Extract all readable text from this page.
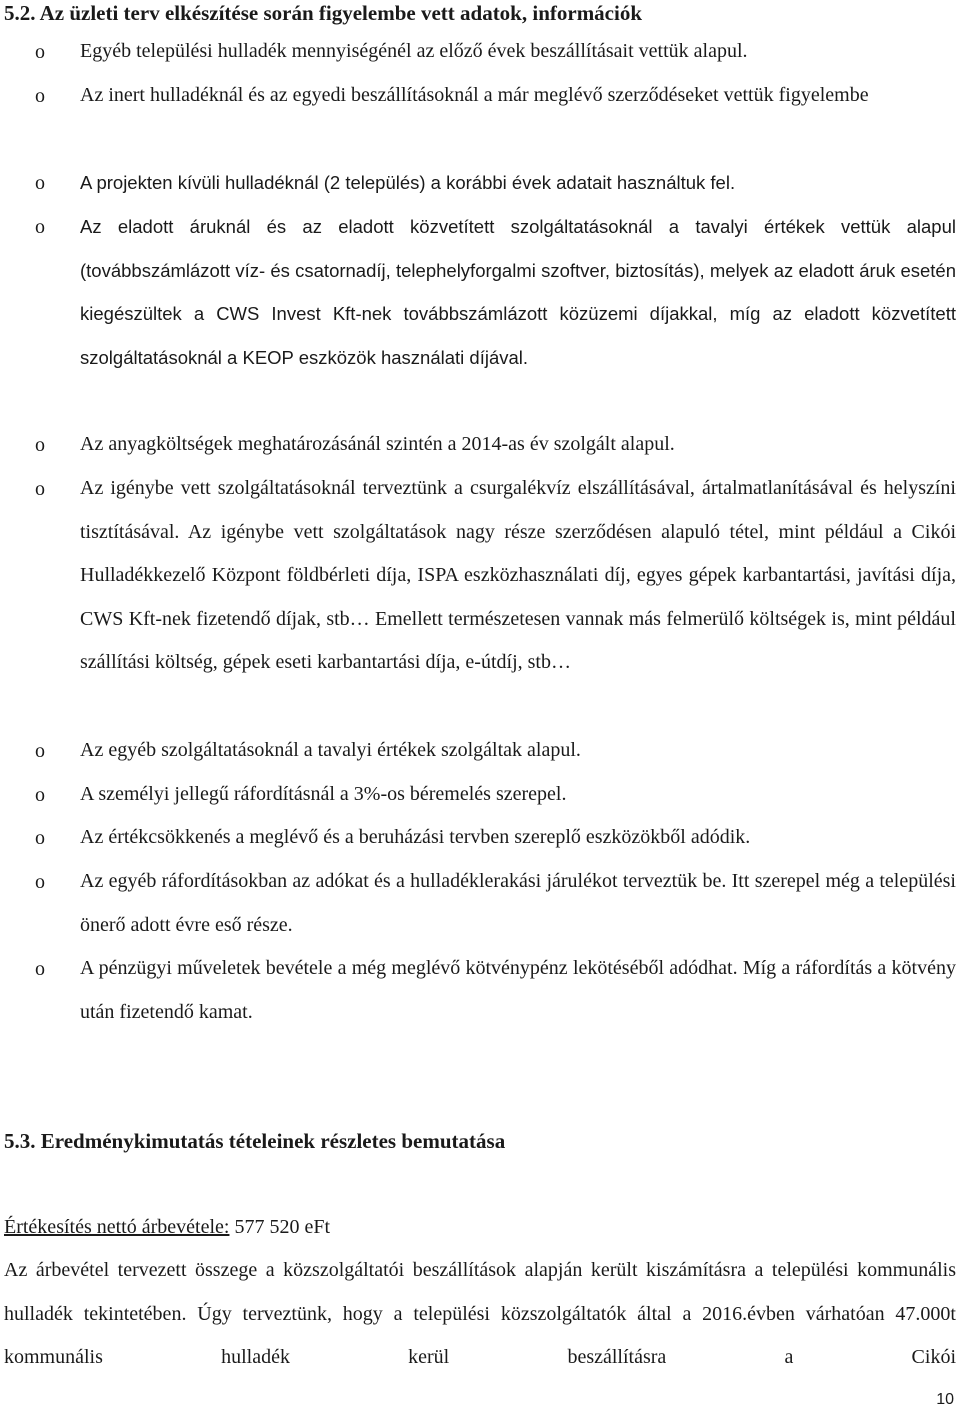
5.2. Az üzleti terv elkészítése során figyelembe vett adatok, információk
o Egyéb települési hulladék mennyiségénél az előző évek beszállításait vettük alapul.
o Az inert hulladéknál és az egyedi beszállításoknál a már meglévő szerződéseket vettük figyelembe
o A projekten kívüli hulladéknál (2 település) a korábbi évek adatait használtuk fel.
o Az eladott áruknál és az eladott közvetített szolgáltatásoknál a tavalyi értékek vettük alapul (továbbszámlázott víz- és csatornadíj, telephelyforgalmi szoftver, biztosítás), melyek az eladott áruk esetén kiegészültek a CWS Invest Kft-nek továbbszámlázott közüzemi díjakkal, míg az eladott közvetített szolgáltatásoknál a KEOP eszközök használati díjával.
o Az anyagköltségek meghatározásánál szintén a 2014-as év szolgált alapul.
o Az igénybe vett szolgáltatásoknál terveztünk a csurgalékvíz elszállításával, ártalmatlanításával és helyszíni tisztításával. Az igénybe vett szolgáltatások nagy része szerződésen alapuló tétel, mint például a Cikói Hulladékkezelő Központ földbérleti díja, ISPA eszközhasználati díj, egyes gépek karbantartási, javítási díja, CWS Kft-nek fizetendő díjak, stb… Emellett természetesen vannak más felmerülő költségek is, mint például szállítási költség, gépek eseti karbantartási díja, e-útdíj, stb…
o Az egyéb szolgáltatásoknál a tavalyi értékek szolgáltak alapul.
o A személyi jellegű ráfordításnál a 3%-os béremelés szerepel.
o Az értékcsökkenés a meglévő és a beruházási tervben szereplő eszközökből adódik.
o Az egyéb ráfordításokban az adókat és a hulladéklerakási járulékot terveztük be. Itt szerepel még a települési önerő adott évre eső része.
o A pénzügyi műveletek bevétele a még meglévő kötvénypénz lekötéséből adódhat. Míg a ráfordítás a kötvény után fizetendő kamat.
5.3. Eredménykimutatás tételeinek részletes bemutatása
Értékesítés nettó árbevétele: 577 520 eFt

Az árbevétel tervezett összege a közszolgáltatói beszállítások alapján került kiszámításra a települési kommunális hulladék tekintetében. Úgy terveztünk, hogy a települési közszolgáltatók által a 2016.évben várhatóan 47.000t kommunális hulladék kerül beszállításra a Cikói

10
